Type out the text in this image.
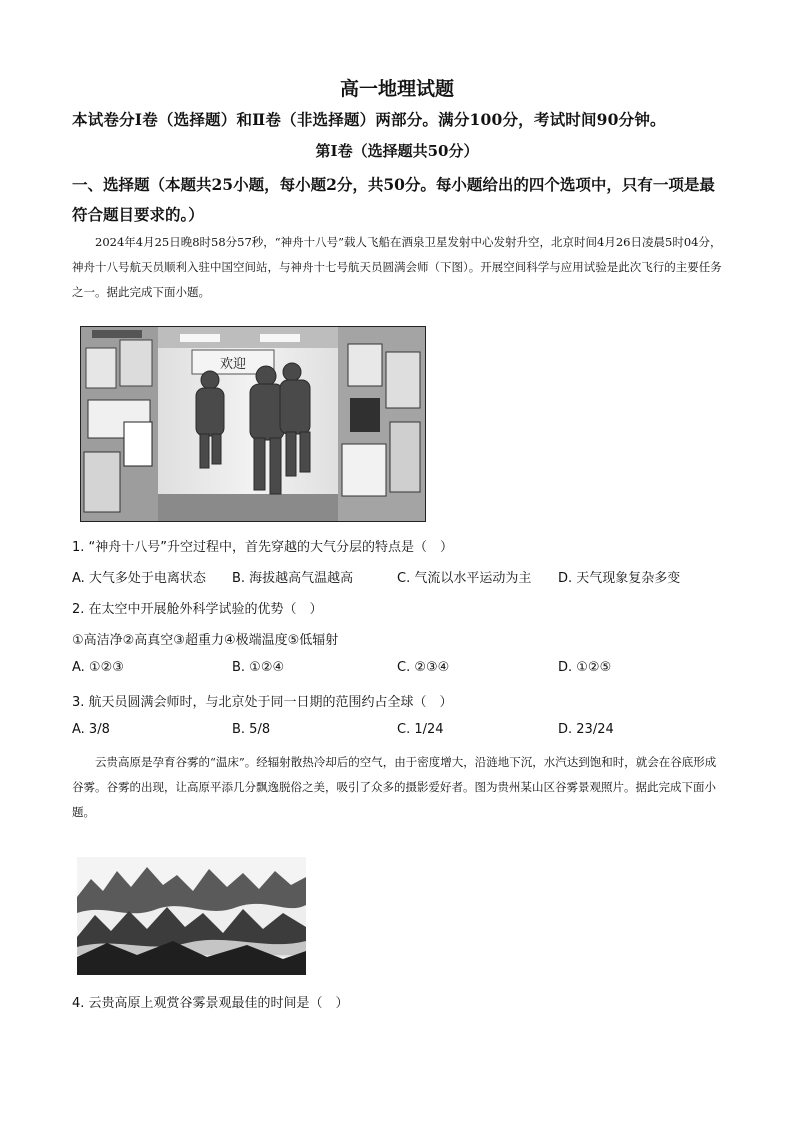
高一地理试题
本试卷分Ⅰ卷（选择题）和Ⅱ卷（非选择题）两部分。满分100分，考试时间90分钟。
第Ⅰ卷（选择题共50分）
一、选择题（本题共25小题，每小题2分，共50分。每小题给出的四个选项中，只有一项是最符合题目要求的。）
2024年4月25日晚8时58分57秒，“神舟十八号”载人飞船在酒泉卫星发射中心发射升空，北京时间4月26日凌晨5时04分，神舟十八号航天员顺利入驻中国空间站，与神舟十七号航天员圆满会师（下图）。开展空间科学与应用试验是此次飞行的主要任务之一。据此完成下面小题。
欢迎
1. “神舟十八号”升空过程中，首先穿越的大气分层的特点是（　）
A. 大气多处于电离状态 B. 海拔越高气温越高	C. 气流以水平运动为主 D. 天气现象复杂多变
2. 在太空中开展舱外科学试验的优势（　）
①高洁净②高真空③超重力④极端温度⑤低辐射
A. ①②③	B. ①②④	C. ②③④	D. ①②⑤
3. 航天员圆满会师时，与北京处于同一日期的范围约占全球（　）
A. 3/8	B. 5/8	C. 1/24	D. 23/24
云贵高原是孕育谷雾的“温床”。经辐射散热冷却后的空气，由于密度增大，沿涟地下沉，水汽达到饱和时，就会在谷底形成谷雾。谷雾的出现，让高原平添几分飘逸脱俗之美，吸引了众多的摄影爱好者。图为贵州某山区谷雾景观照片。据此完成下面小题。
4. 云贵高原上观赏谷雾景观最佳的时间是（　）
